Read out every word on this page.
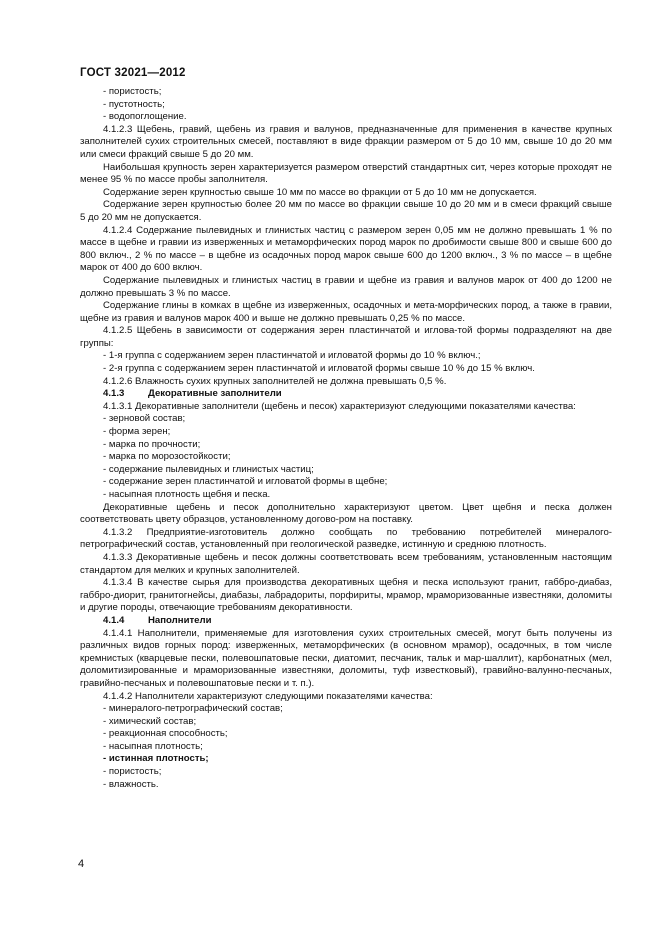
ГОСТ 32021—2012

- пористость;

- пустотность;

- водопоглощение.

4.1.2.3 Щебень, гравий, щебень из гравия и валунов, предназначенные для применения в качестве крупных заполнителей сухих строительных смесей, поставляют в виде фракции размером от 5 до 10 мм, свыше 10 до 20 мм или смеси фракций свыше 5 до 20 мм.

Наибольшая крупность зерен характеризуется размером отверстий стандартных сит, через которые проходят не менее 95 % по массе пробы заполнителя.

Содержание зерен крупностью свыше 10 мм по массе во фракции от 5 до 10 мм не допускается.

Содержание зерен крупностью более 20 мм по массе во фракции свыше 10 до 20 мм и в смеси фракций свыше 5 до 20 мм не допускается.

4.1.2.4 Содержание пылевидных и глинистых частиц с размером зерен 0,05 мм не должно превышать 1 % по массе в щебне и гравии из изверженных и метаморфических пород марок по дробимости свыше 800 и свыше 600 до 800 включ., 2 % по массе – в щебне из осадочных пород марок свыше 600 до 1200 включ., 3 % по массе – в щебне марок от 400 до 600 включ.

Содержание пылевидных и глинистых частиц в гравии и щебне из гравия и валунов марок от 400 до 1200 не должно превышать 3 % по массе.

Содержание глины в комках в щебне из изверженных, осадочных и мета-морфических пород, а также в гравии, щебне из гравия и валунов марок 400 и выше не должно превышать 0,25 % по массе.

4.1.2.5 Щебень в зависимости от содержания зерен пластинчатой и иглова-той формы подразделяют на две группы:

- 1-я группа с содержанием зерен пластинчатой и игловатой формы до 10 % включ.;

- 2-я группа с содержанием зерен пластинчатой и игловатой формы свыше 10 % до 15 % включ.

4.1.2.6 Влажность сухих крупных заполнителей не должна превышать 0,5 %.

4.1.3 Декоративные заполнители

4.1.3.1 Декоративные заполнители (щебень и песок) характеризуют следующими показателями качества:

- зерновой состав;

- форма зерен;

- марка по прочности;

- марка по морозостойкости;

- содержание пылевидных и глинистых частиц;

- содержание зерен пластинчатой и игловатой формы в щебне;

- насыпная плотность щебня и песка.

Декоративные щебень и песок дополнительно характеризуют цветом. Цвет щебня и песка должен соответствовать цвету образцов, установленному догово-ром на поставку.

4.1.3.2 Предприятие-изготовитель должно сообщать по требованию потребителей минералого-петрографический состав, установленный при геологической разведке, истинную и среднюю плотность.

4.1.3.3 Декоративные щебень и песок должны соответствовать всем требованиям, установленным настоящим стандартом для мелких и крупных заполнителей.

4.1.3.4 В качестве сырья для производства декоративных щебня и песка используют гранит, габбро-диабаз, габбро-диорит, гранитогнейсы, диабазы, лабрадориты, порфириты, мрамор, мраморизованные известняки, доломиты и другие породы, отвечающие требованиям декоративности.

4.1.4 Наполнители

4.1.4.1 Наполнители, применяемые для изготовления сухих строительных смесей, могут быть получены из различных видов горных пород: изверженных, метаморфических (в основном мрамор), осадочных, в том числе кремнистых (кварцевые пески, полевошпатовые пески, диатомит, песчаник, тальк и мар-шаллит), карбонатных (мел, доломитизированные и мраморизованные известняки, доломиты, туф известковый), гравийно-валунно-песчаных, гравийно-песчаных и полевошпатовые пески и т. п.).

4.1.4.2 Наполнители характеризуют следующими показателями качества:

- минералого-петрографический состав;

- химический состав;

- реакционная способность;

- насыпная плотность;

- истинная плотность;

- пористость;

- влажность.

4
